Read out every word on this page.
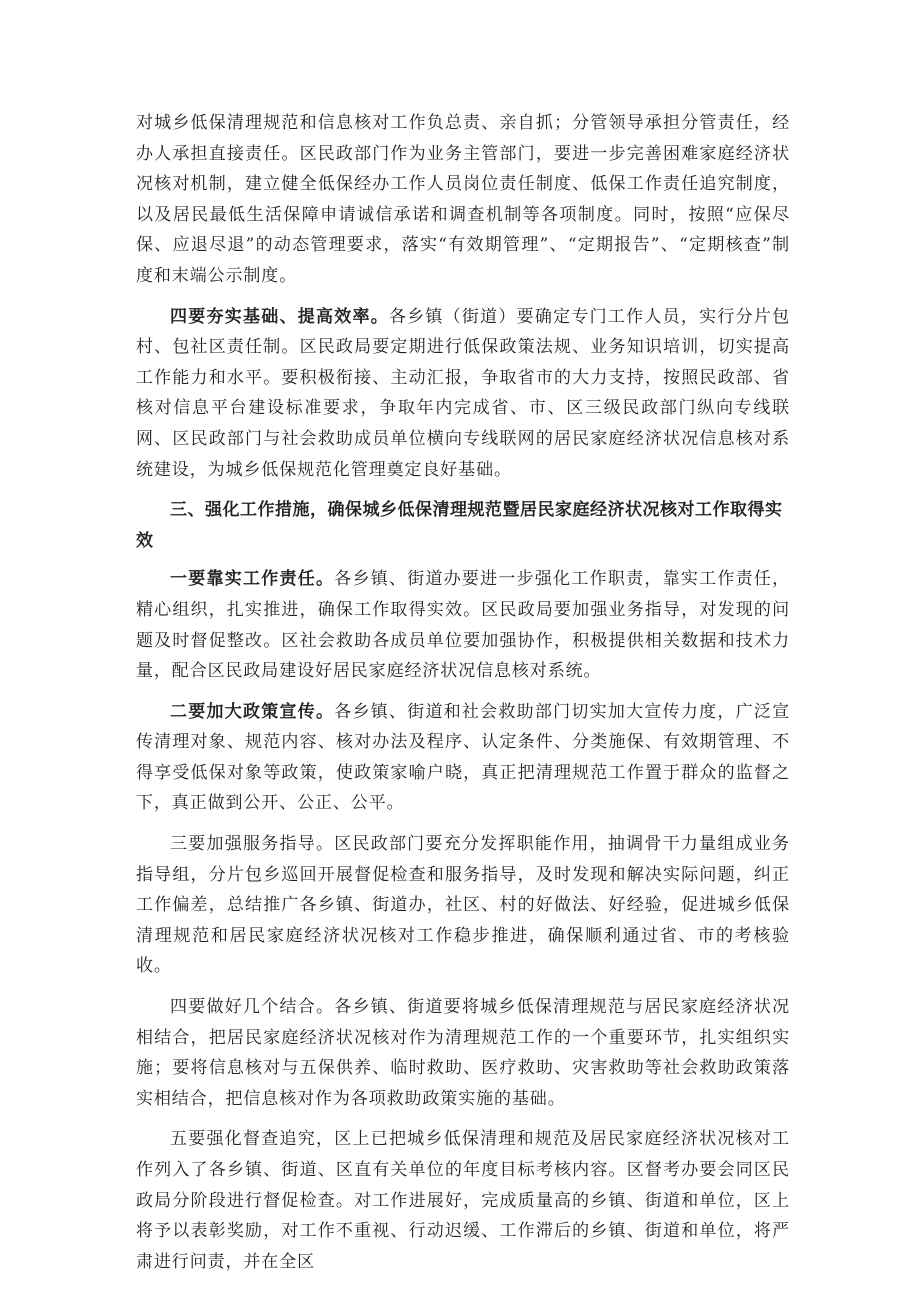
对城乡低保清理规范和信息核对工作负总责、亲自抓；分管领导承担分管责任，经办人承担直接责任。区民政部门作为业务主管部门，要进一步完善困难家庭经济状况核对机制，建立健全低保经办工作人员岗位责任制度、低保工作责任追究制度，以及居民最低生活保障申请诚信承诺和调查机制等各项制度。同时，按照“应保尽保、应退尽退”的动态管理要求，落实“有效期管理”、“定期报告”、“定期核查”制度和末端公示制度。

四要夯实基础、提高效率。各乡镇（街道）要确定专门工作人员，实行分片包村、包社区责任制。区民政局要定期进行低保政策法规、业务知识培训，切实提高工作能力和水平。要积极衔接、主动汇报，争取省市的大力支持，按照民政部、省核对信息平台建设标准要求，争取年内完成省、市、区三级民政部门纵向专线联网、区民政部门与社会救助成员单位横向专线联网的居民家庭经济状况信息核对系统建设，为城乡低保规范化管理奠定良好基础。

三、强化工作措施，确保城乡低保清理规范暨居民家庭经济状况核对工作取得实效

一要靠实工作责任。各乡镇、街道办要进一步强化工作职责，靠实工作责任，精心组织，扎实推进，确保工作取得实效。区民政局要加强业务指导，对发现的问题及时督促整改。区社会救助各成员单位要加强协作，积极提供相关数据和技术力量，配合区民政局建设好居民家庭经济状况信息核对系统。

二要加大政策宣传。各乡镇、街道和社会救助部门切实加大宣传力度，广泛宣传清理对象、规范内容、核对办法及程序、认定条件、分类施保、有效期管理、不得享受低保对象等政策，使政策家喻户晓，真正把清理规范工作置于群众的监督之下，真正做到公开、公正、公平。

三要加强服务指导。区民政部门要充分发挥职能作用，抽调骨干力量组成业务指导组，分片包乡巡回开展督促检查和服务指导，及时发现和解决实际问题，纠正工作偏差，总结推广各乡镇、街道办，社区、村的好做法、好经验，促进城乡低保清理规范和居民家庭经济状况核对工作稳步推进，确保顺利通过省、市的考核验收。

四要做好几个结合。各乡镇、街道要将城乡低保清理规范与居民家庭经济状况相结合，把居民家庭经济状况核对作为清理规范工作的一个重要环节，扎实组织实施；要将信息核对与五保供养、临时救助、医疗救助、灾害救助等社会救助政策落实相结合，把信息核对作为各项救助政策实施的基础。

五要强化督查追究，区上已把城乡低保清理和规范及居民家庭经济状况核对工作列入了各乡镇、街道、区直有关单位的年度目标考核内容。区督考办要会同区民政局分阶段进行督促检查。对工作进展好，完成质量高的乡镇、街道和单位，区上将予以表彰奖励，对工作不重视、行动迟缓、工作滞后的乡镇、街道和单位，将严肃进行问责，并在全区
